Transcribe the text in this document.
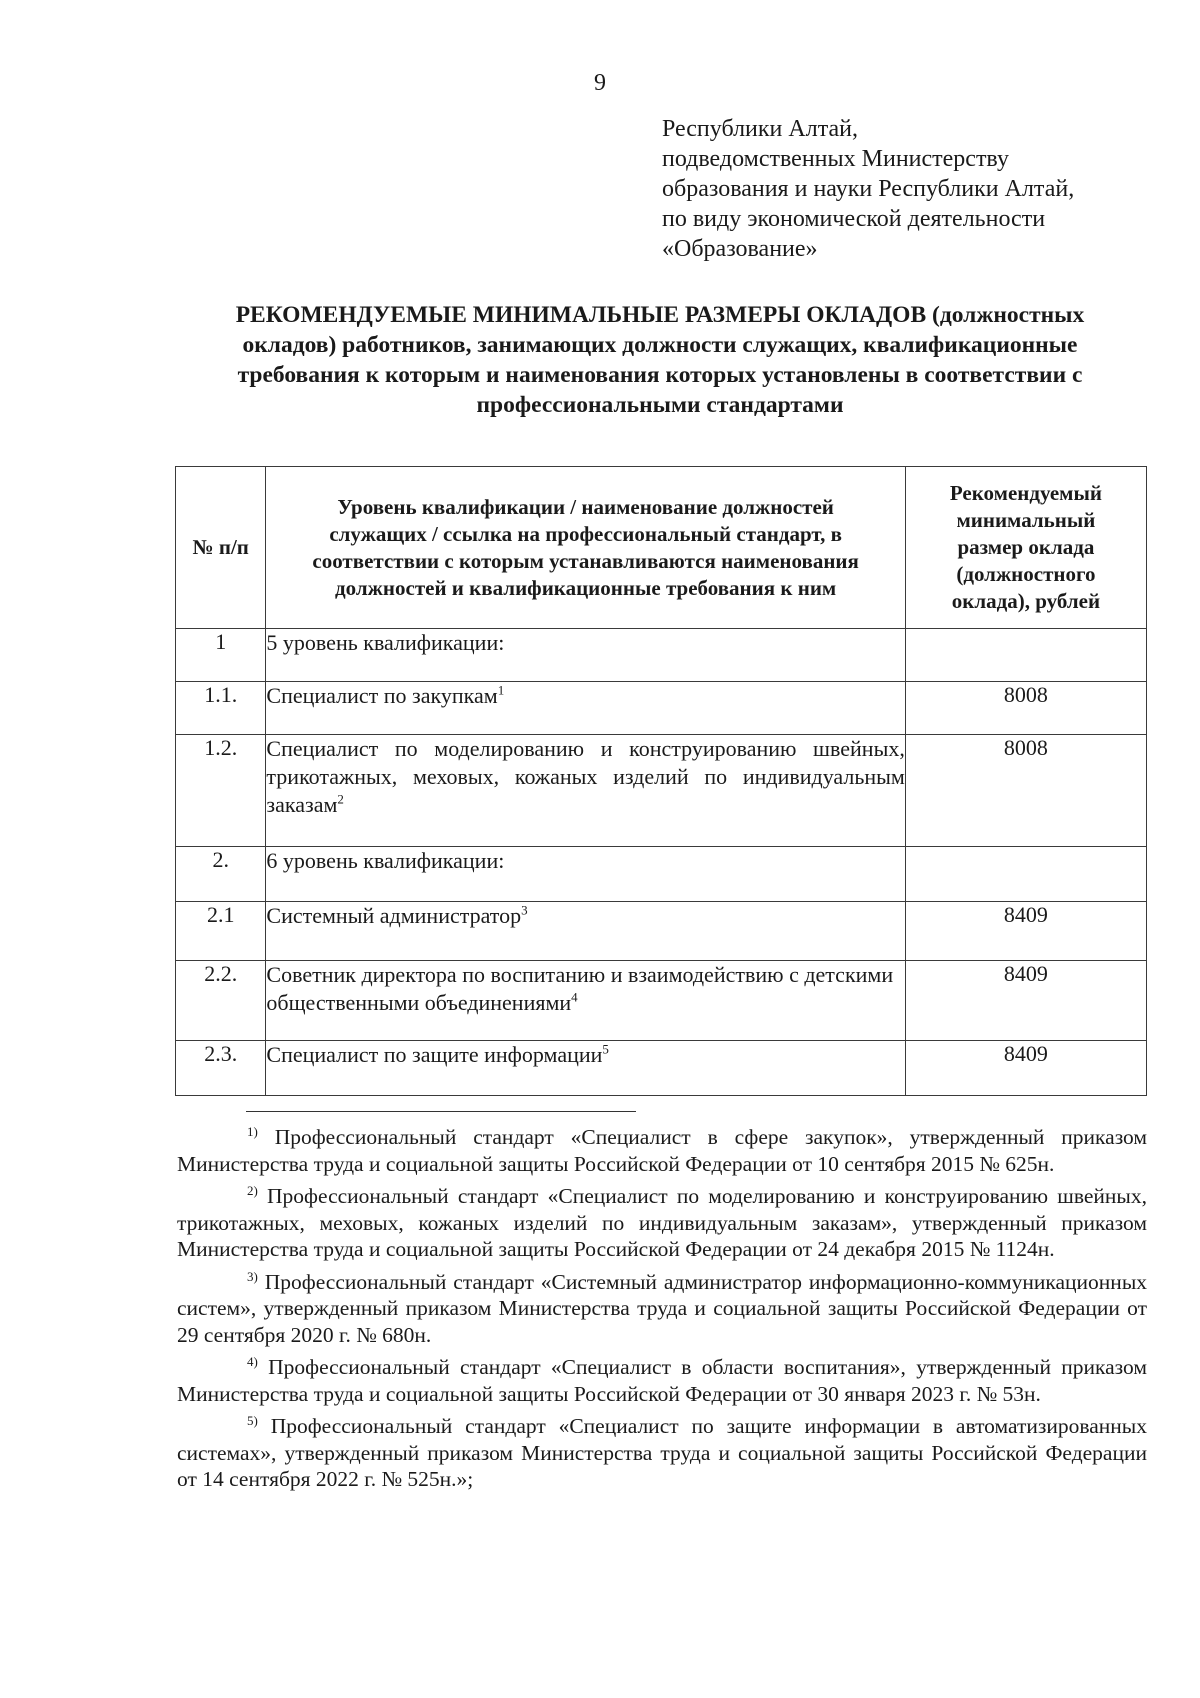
9
Республики Алтай,
подведомственных Министерству
образования и науки Республики Алтай,
по виду экономической деятельности
«Образование»
РЕКОМЕНДУЕМЫЕ МИНИМАЛЬНЫЕ РАЗМЕРЫ ОКЛАДОВ (должностных
окладов) работников, занимающих должности служащих, квалификационные
требования к которым и наименования которых установлены в соответствии с
профессиональными стандартами
№ п/п	Уровень квалификации / наименование должностей служащих / ссылка на профессиональный стандарт, в соответствии с которым устанавливаются наименования должностей и квалификационные требования к ним	Рекомендуемый минимальный размер оклада (должностного оклада), рублей
1	5 уровень квалификации:	
1.1.	Специалист по закупкам$^1$	8008
1.2.	Специалист по моделированию и конструированию швейных, трикотажных, меховых, кожаных изделий по индивидуальным заказам$^2$	8008
2.	6 уровень квалификации:	
2.1	Системный администратор$^3$	8409
2.2.	Советник директора по воспитанию и взаимодействию с детскими общественными объединениями$^4$	8409
2.3.	Специалист по защите информации$^5$	8409

$^{1)}$ Профессиональный стандарт «Специалист в сфере закупок», утвержденный приказом Министерства труда и социальной защиты Российской Федерации от 10 сентября 2015 № 625н.

$^{2)}$ Профессиональный стандарт «Специалист по моделированию и конструированию швейных, трикотажных, меховых, кожаных изделий по индивидуальным заказам», утвержденный приказом Министерства труда и социальной защиты Российской Федерации от 24 декабря 2015 № 1124н.

$^{3)}$ Профессиональный стандарт «Системный администратор информационно-коммуникационных систем», утвержденный приказом Министерства труда и социальной защиты Российской Федерации от 29 сентября 2020 г. № 680н.

$^{4)}$ Профессиональный стандарт «Специалист в области воспитания», утвержденный приказом Министерства труда и социальной защиты Российской Федерации от 30 января 2023 г. № 53н.

$^{5)}$ Профессиональный стандарт «Специалист по защите информации в автоматизированных системах», утвержденный приказом Министерства труда и социальной защиты Российской Федерации от 14 сентября 2022 г. № 525н.»;
